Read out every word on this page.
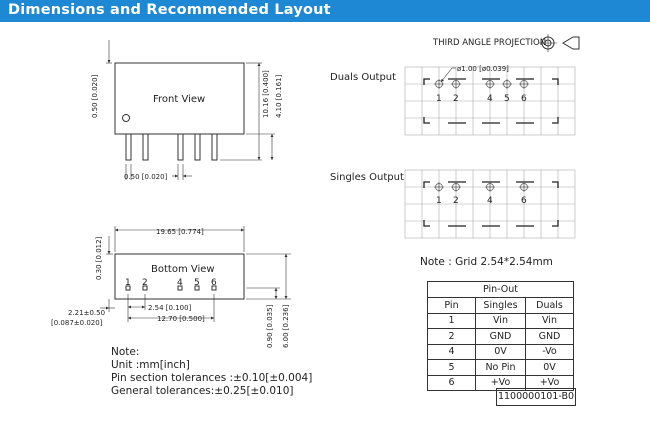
Dimensions and Recommended Layout
THIRD ANGLE PROJECTION
Front View
0.50 [0.020]	10.16 [0.400] 4.10 [0.161]
0.50 [0.020]
Bottom View
1 2	4 5 6
19.65 [0.774]
0.30 [0.012]
2.54 [0.100]
12.70 [0.500]
2.21±0.50
[0.087±0.020]	0.90 [0.035] 6.00 [0.236]
Duals Output
ø1.00 [ø0.039]
1 2	4 5 6
Singles Output
1 2	4	6
Note : Grid 2.54*2.54mm
Note:
Unit :mm[inch]
Pin section tolerances :±0.10[±0.004]
General tolerances:±0.25[±0.010]
Pin-Out		
Pin	Singles	Duals
1	Vin	Vin
2	GND	GND
4	0V	-Vo
5	No Pin	0V
6	+Vo	+Vo
1100000101-B0
